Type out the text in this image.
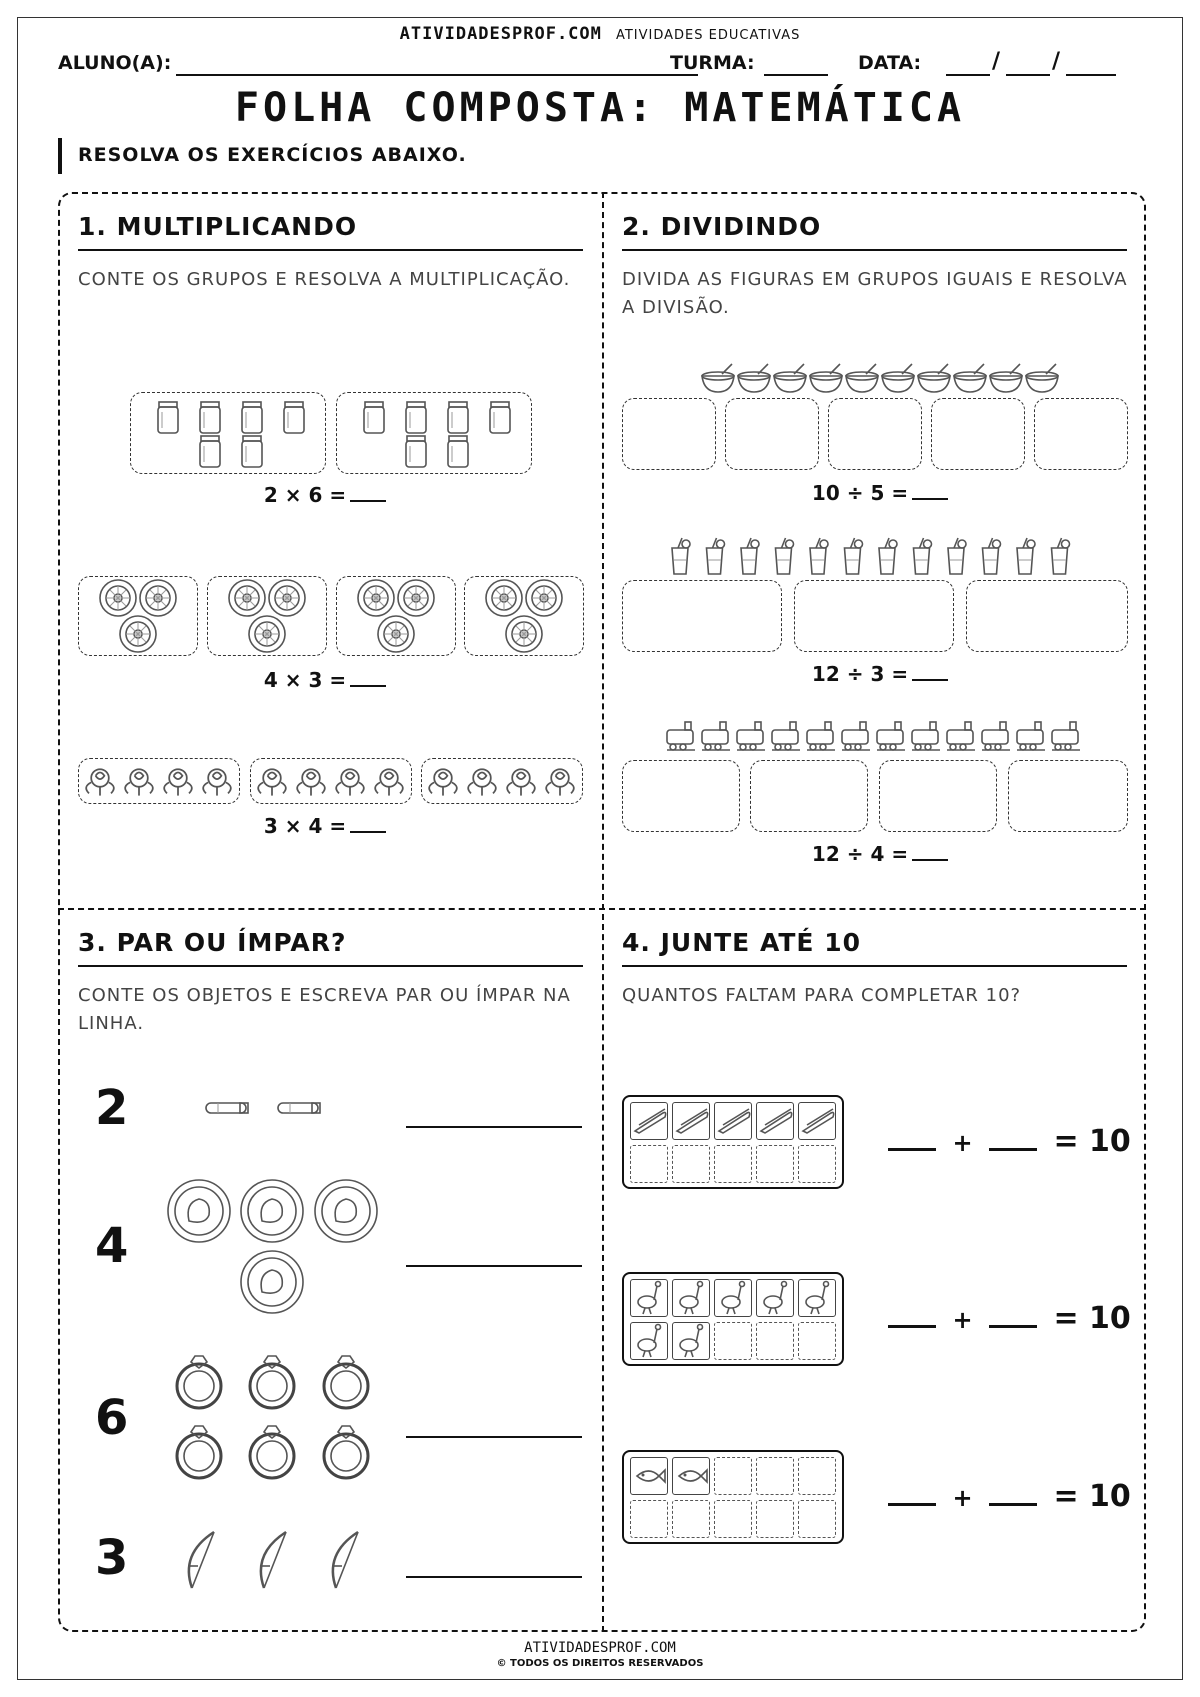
ATIVIDADESPROF.COM ATIVIDADES EDUCATIVAS
ALUNO(A):	TURMA:	DATA:	/ /
FOLHA COMPOSTA: MATEMÁTICA
RESOLVA OS EXERCÍCIOS ABAIXO.
1. MULTIPLICANDO
CONTE OS GRUPOS E RESOLVA A MULTIPLICAÇÃO.
2 × 6 =
4 × 3 =
3 × 4 =
2. DIVIDINDO
DIVIDA AS FIGURAS EM GRUPOS IGUAIS E RESOLVA A DIVISÃO.
10 ÷ 5 =
12 ÷ 3 =
12 ÷ 4 =
3. PAR OU ÍMPAR?
CONTE OS OBJETOS E ESCREVA PAR OU ÍMPAR NA LINHA.
2
4
6
3
4. JUNTE ATÉ 10
QUANTOS FALTAM PARA COMPLETAR 10?
+	= 10
+	= 10
+	= 10
ATIVIDADESPROF.COM
© TODOS OS DIREITOS RESERVADOS
